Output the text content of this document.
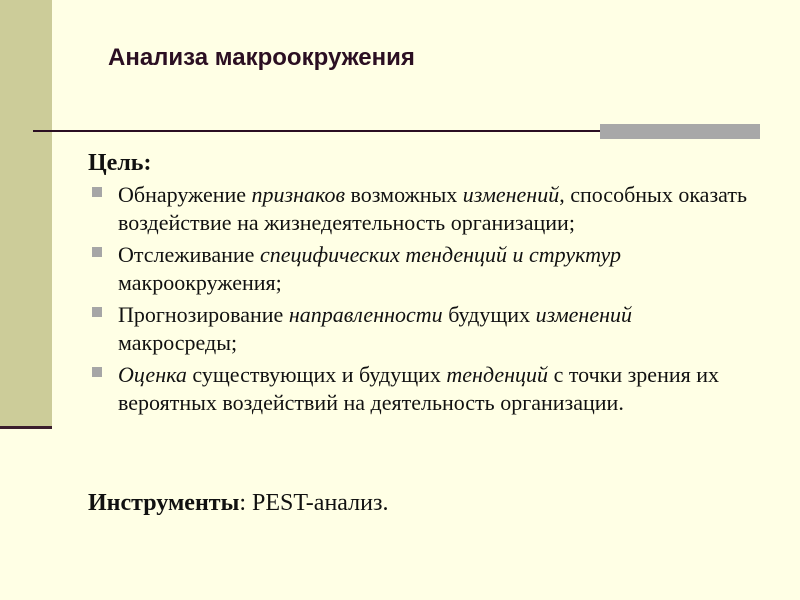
Анализа макроокружения
Цель:
Обнаружение признаков возможных изменений, способных оказать воздействие на жизнедеятельность организации;
Отслеживание специфических тенденций и структур макроокружения;
Прогнозирование направленности будущих изменений макросреды;
Оценка существующих и будущих тенденций с точки зрения их вероятных воздействий на деятельность организации.
Инструменты: PEST-анализ.
